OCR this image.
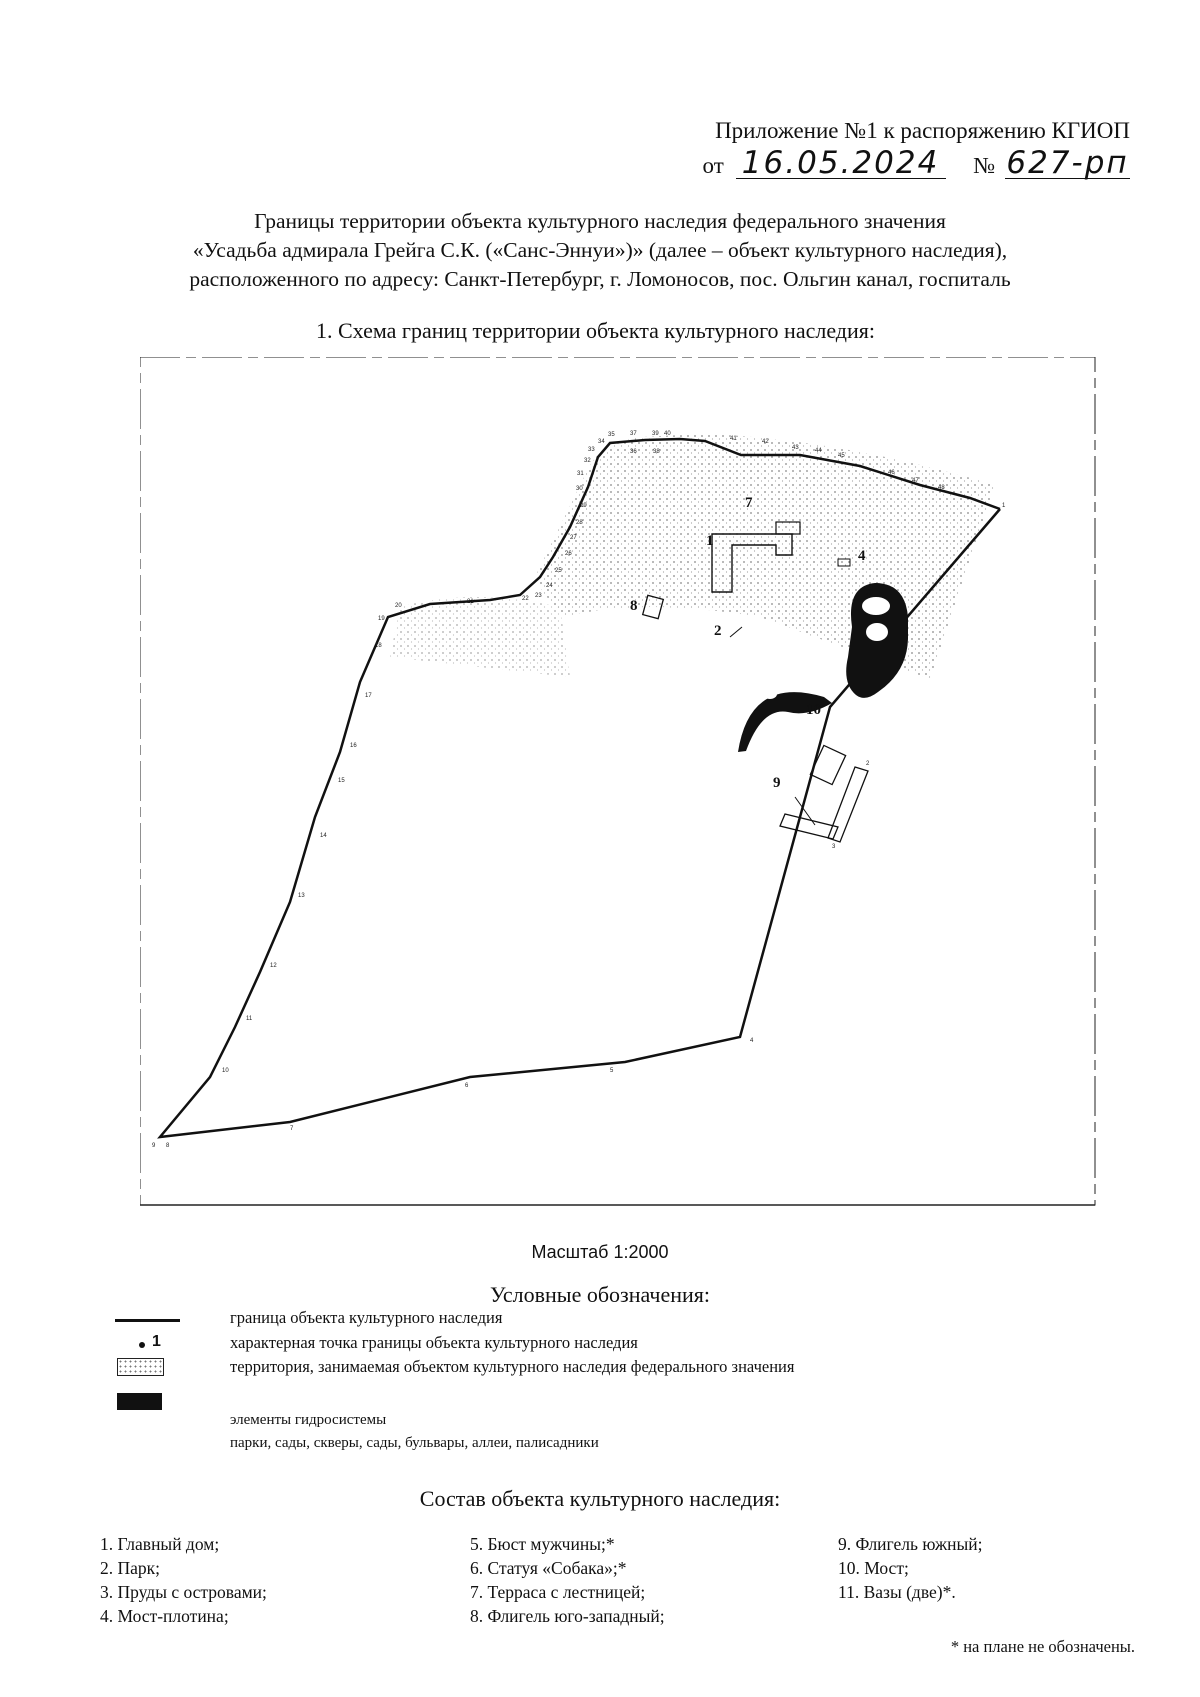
Приложение №1 к распоряжению КГИОП
от 16.05.2024 № 627-рп
Границы территории объекта культурного наследия федерального значения
«Усадьба адмирала Грейга С.К. («Санс-Эннуи»)» (далее – объект культурного наследия),
расположенного по адресу: Санкт-Петербург, г. Ломоносов, пос. Ольгин канал, госпиталь
1. Схема границ территории объекта культурного наследия:
1
2
3
4
7
8
9
10
1
2
3
4
5
6
7
8
9
10
11
12
13
14
15
16
17
18
19
20
21	22 23
24
25
26
27
28
29
30
31
32
33
34
35
36
37
38
39 40
41	42
43	44
45
46
47
48
Масштаб 1:2000
Условные обозначения:
граница объекта культурного наследия
1	характерная точка границы объекта культурного наследия
территория, занимаемая объектом культурного наследия федерального значения
элементы гидросистемы
парки, сады, скверы, сады, бульвары, аллеи, палисадники
Состав объекта культурного наследия:
1. Главный дом;
2. Парк;
3. Пруды с островами;
4. Мост-плотина;
5. Бюст мужчины;*
6. Статуя «Собака»;*
7. Терраса с лестницей;
8. Флигель юго-западный;
9. Флигель южный;
10. Мост;
11. Вазы (две)*.
* на плане не обозначены.
